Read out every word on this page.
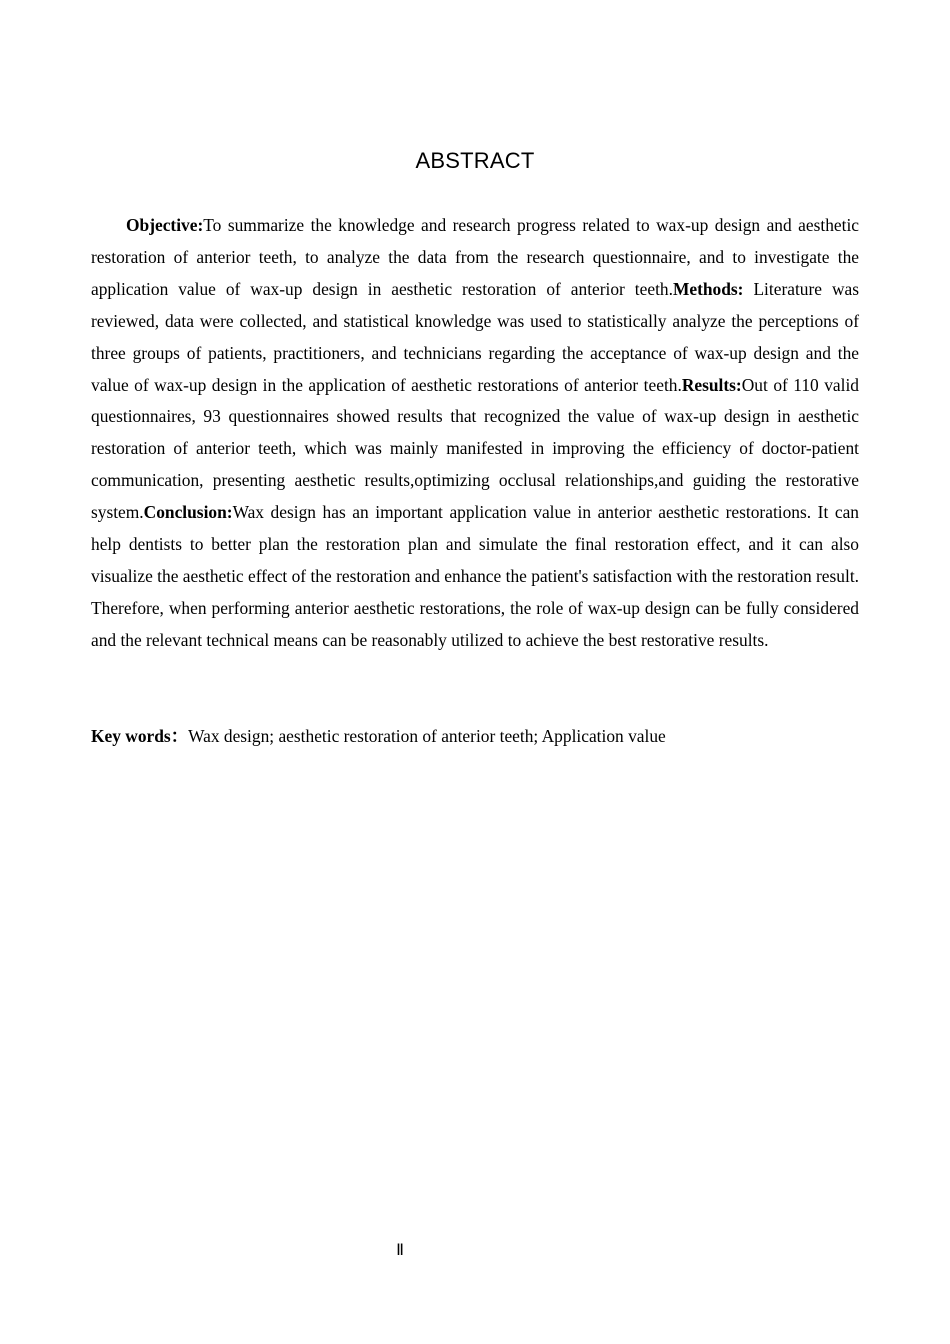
ABSTRACT

Objective:To summarize the knowledge and research progress related to wax-up design and aesthetic restoration of anterior teeth, to analyze the data from the research questionnaire, and to investigate the application value of wax-up design in aesthetic restoration of anterior teeth.Methods: Literature was reviewed, data were collected, and statistical knowledge was used to statistically analyze the perceptions of three groups of patients, practitioners, and technicians regarding the acceptance of wax-up design and the value of wax-up design in the application of aesthetic restorations of anterior teeth.Results:Out of 110 valid questionnaires, 93 questionnaires showed results that recognized the value of wax-up design in aesthetic restoration of anterior teeth, which was mainly manifested in improving the efficiency of doctor-patient communication, presenting aesthetic results,optimizing occlusal relationships,and guiding the restorative system.Conclusion:Wax design has an important application value in anterior aesthetic restorations. It can help dentists to better plan the restoration plan and simulate the final restoration effect, and it can also visualize the aesthetic effect of the restoration and enhance the patient's satisfaction with the restoration result. Therefore, when performing anterior aesthetic restorations, the role of wax-up design can be fully considered and the relevant technical means can be reasonably utilized to achieve the best restorative results.

Key words：Wax design; aesthetic restoration of anterior teeth; Application value

Ⅱ
